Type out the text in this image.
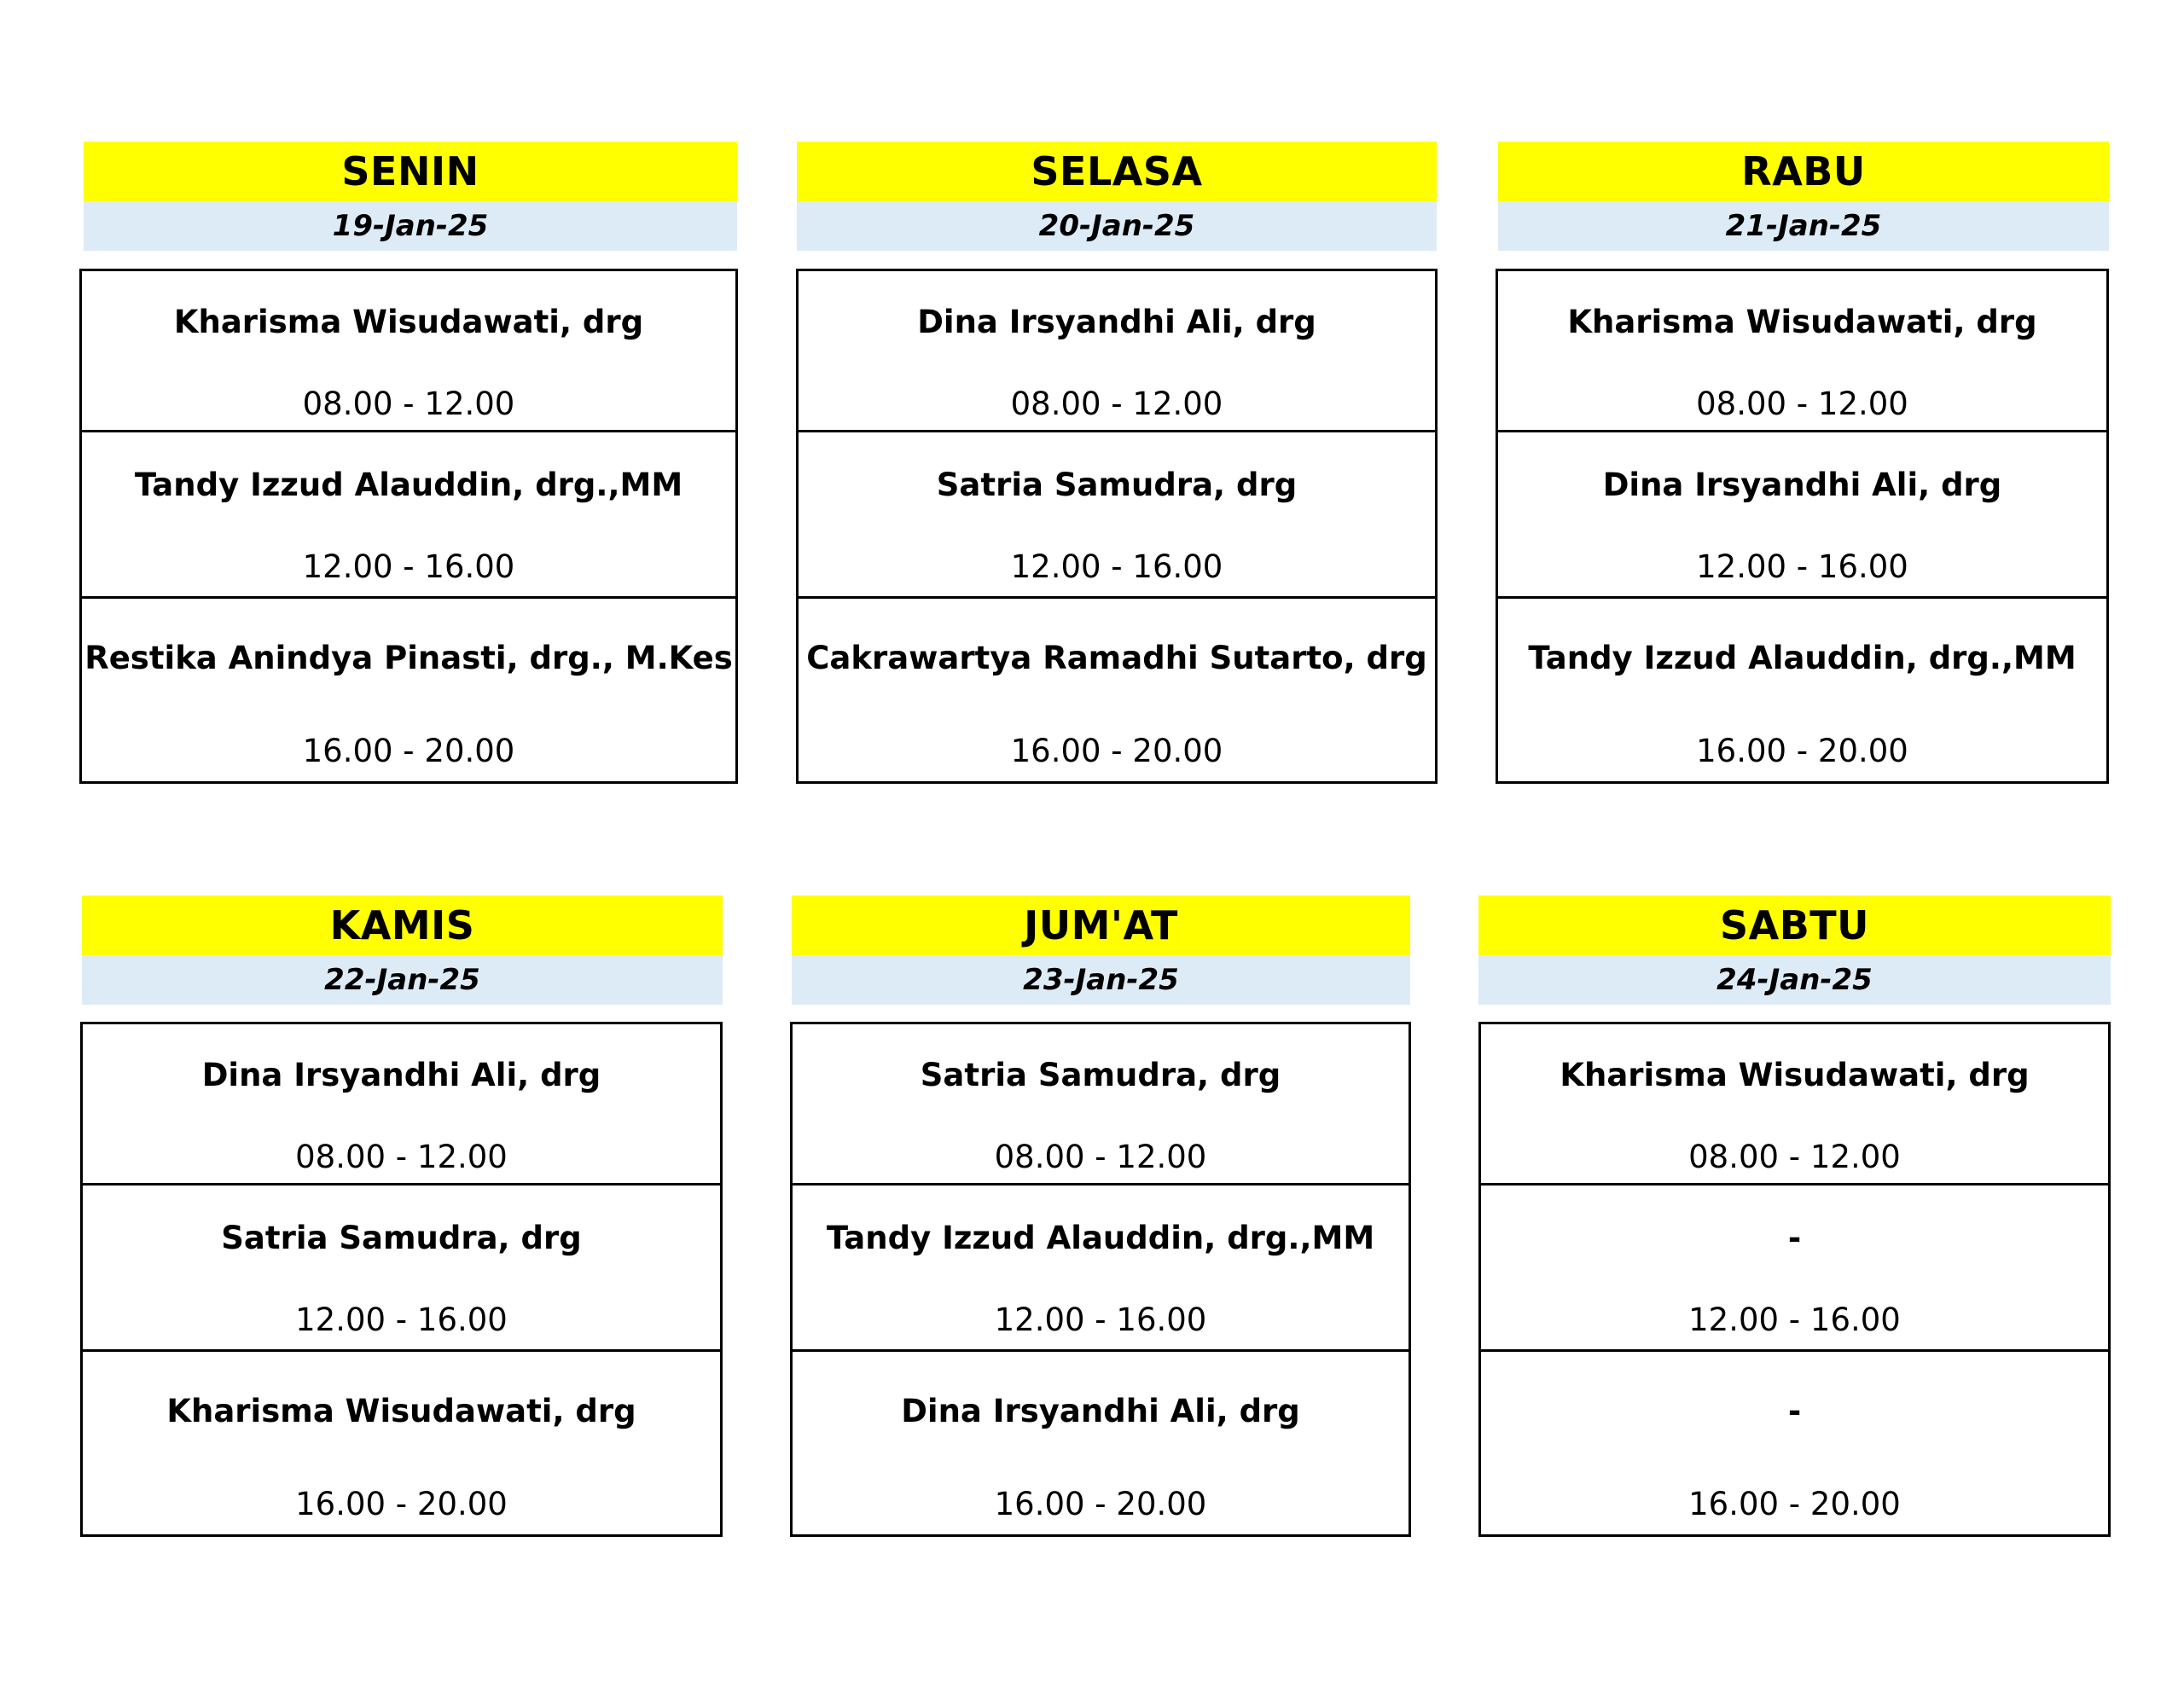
SENIN
19-Jan-25
Kharisma Wisudawati, drg
08.00 - 12.00
Tandy Izzud Alauddin, drg.,MM
12.00 - 16.00
Restika Anindya Pinasti, drg., M.Kes
16.00 - 20.00
SELASA
20-Jan-25
Dina Irsyandhi Ali, drg
08.00 - 12.00
Satria Samudra, drg
12.00 - 16.00
Cakrawartya Ramadhi Sutarto, drg
16.00 - 20.00
RABU
21-Jan-25
Kharisma Wisudawati, drg
08.00 - 12.00
Dina Irsyandhi Ali, drg
12.00 - 16.00
Tandy Izzud Alauddin, drg.,MM
16.00 - 20.00
KAMIS
22-Jan-25
Dina Irsyandhi Ali, drg
08.00 - 12.00
Satria Samudra, drg
12.00 - 16.00
Kharisma Wisudawati, drg
16.00 - 20.00
JUM'AT
23-Jan-25
Satria Samudra, drg
08.00 - 12.00
Tandy Izzud Alauddin, drg.,MM
12.00 - 16.00
Dina Irsyandhi Ali, drg
16.00 - 20.00
SABTU
24-Jan-25
Kharisma Wisudawati, drg
08.00 - 12.00
-
12.00 - 16.00
-
16.00 - 20.00
